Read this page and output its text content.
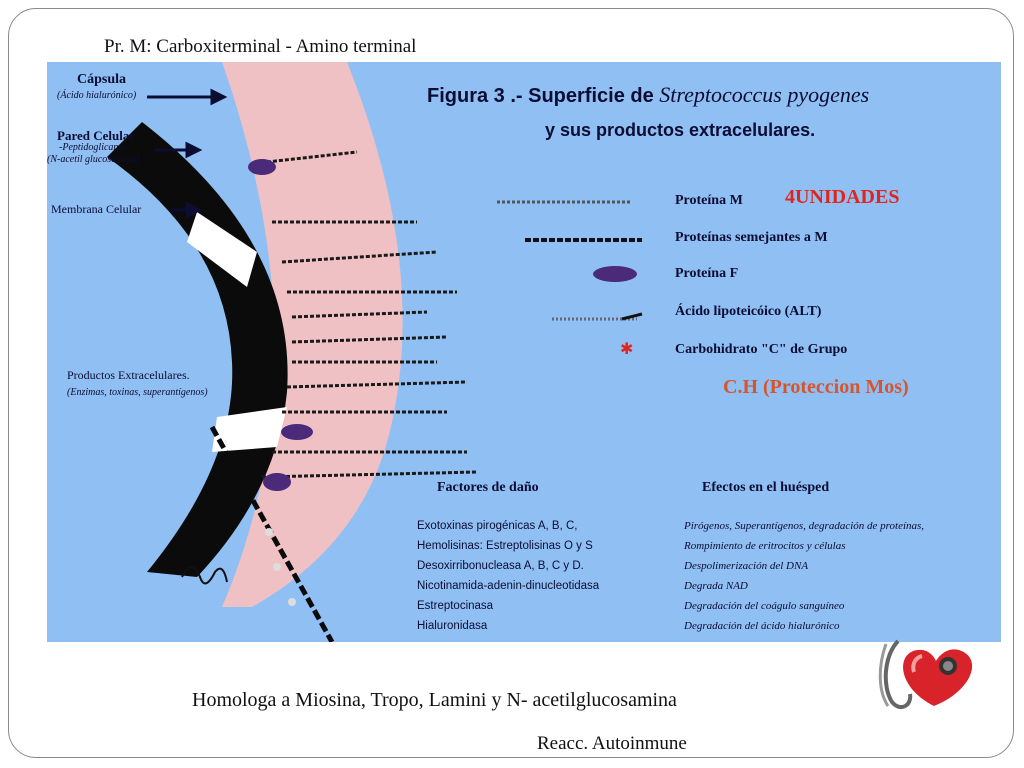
Pr. M: Carboxiterminal - Amino terminal
✱
Figura 3 .- Superficie de Streptococcus pyogenes
y sus productos extracelulares.
Cápsula
(Ácido hialurónico)
Pared Celular
-Peptidoglicano-
(N-acetil glucosamina)
Membrana Celular
Productos Extracelulares.
(Enzimas, toxinas, superantígenos)
Proteína M
Proteínas semejantes a M
Proteína F
Ácido lipoteicóico (ALT)
Carbohidrato "C" de Grupo
Factores de daño	Efectos en el huésped
Exotoxinas pirogénicas A, B, C,
Hemolisinas: Estreptolisinas O y S
Desoxirribonucleasa A, B, C y D.
Nicotinamida-adenin-dinucleotidasa
Estreptocinasa
Hialuronidasa
Pirógenos, Superantígenos, degradación de proteínas,
Rompimiento de eritrocitos y células
Despolimerización del DNA
Degrada NAD
Degradación del coágulo sanguíneo
Degradación del ácido hialurónico
4UNIDADES
C.H (Proteccion Mos)
Homologa a Miosina, Tropo, Lamini y N- acetilglucosamina
Reacc. Autoinmune
